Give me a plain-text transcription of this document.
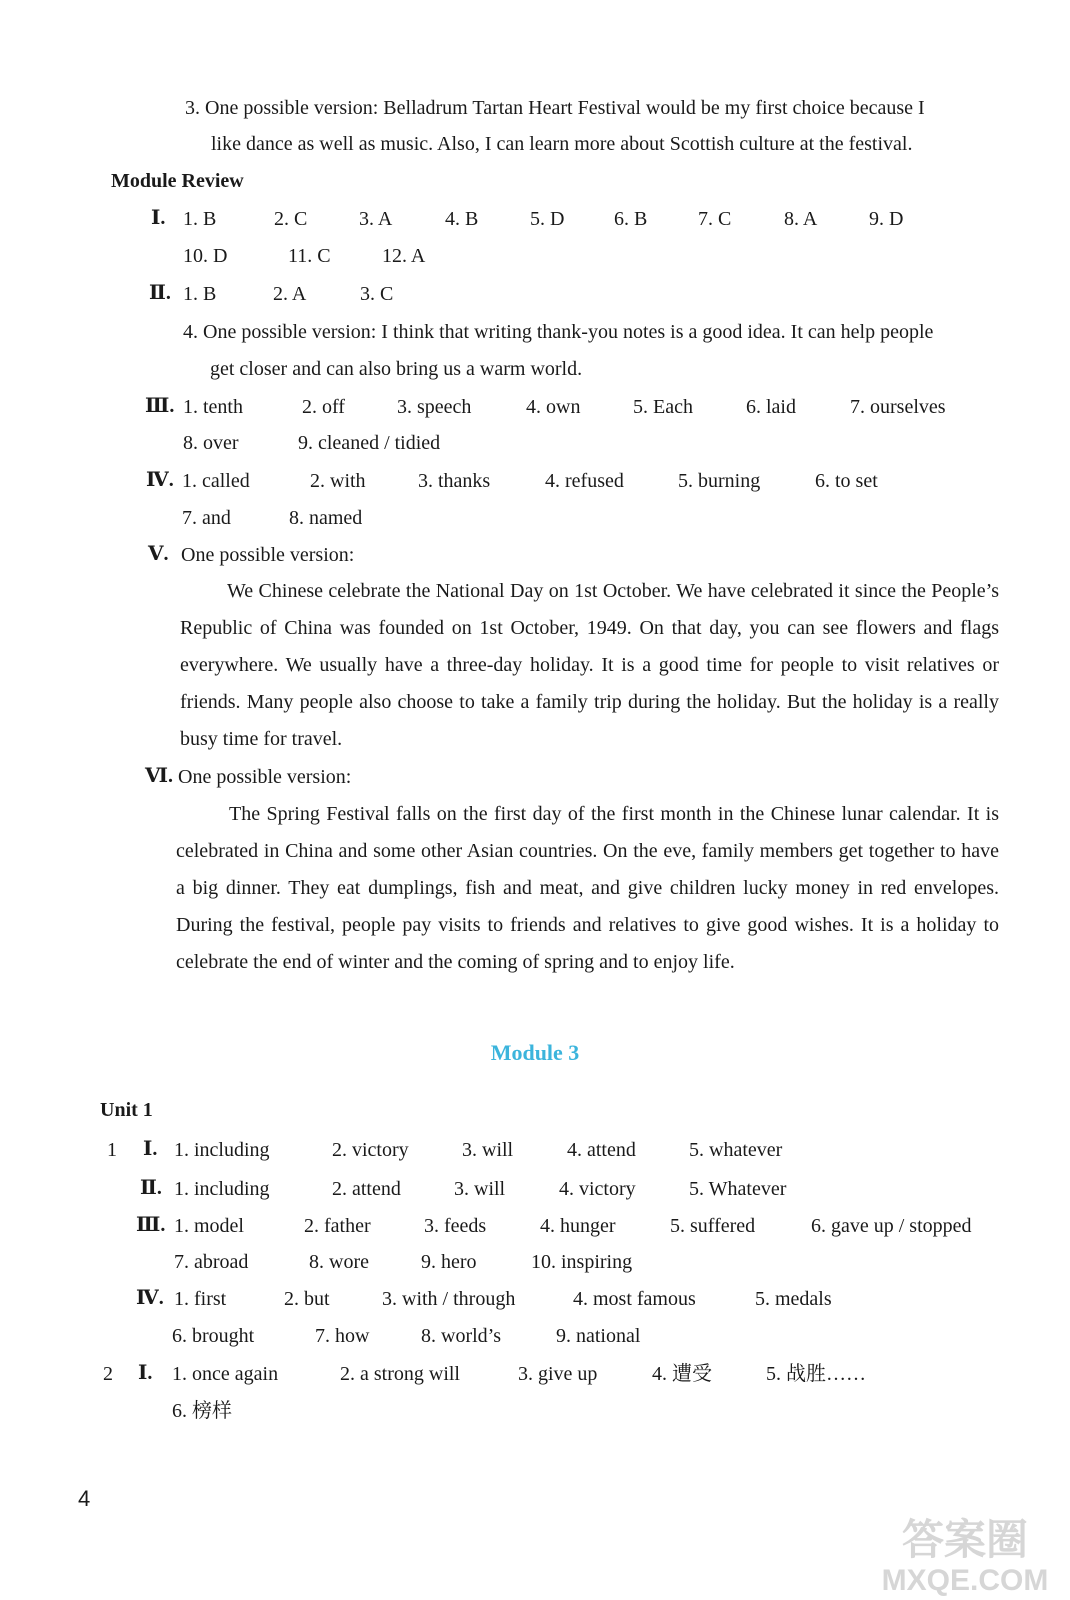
3. One possible version: Belladrum Tartan Heart Festival would be my first choice because I
like dance as well as music. Also, I can learn more about Scottish culture at the festival.
Module Review
Ⅰ. 1. B	2. C	3. A	4. B	5. D 6. B	7. C	8. A	9. D
10. D	11. C	12. A
Ⅱ. 1. B	2. A	3. C
4. One possible version: I think that writing thank-you notes is a good idea. It can help people
get closer and can also bring us a warm world.
Ⅲ. 1. tenth	2. off	3. speech	4. own	5. Each	6. laid	7. ourselves
8. over	9. cleaned / tidied
Ⅳ. 1. called	2. with	3. thanks	4. refused	5. burning	6. to set
7. and	8. named
Ⅴ. One possible version:
We Chinese celebrate the National Day on 1st October. We have celebrated it since the People’s Republic of China was founded on 1st October, 1949. On that day, you can see flowers and flags everywhere. We usually have a three-day holiday. It is a good time for people to visit relatives or friends. Many people also choose to take a family trip during the holiday. But the holiday is a really busy time for travel.
Ⅵ. One possible version:
The Spring Festival falls on the first day of the first month in the Chinese lunar calendar. It is celebrated in China and some other Asian countries. On the eve, family members get together to have a big dinner. They eat dumplings, fish and meat, and give children lucky money in red envelopes. During the festival, people pay visits to friends and relatives to give good wishes. It is a holiday to celebrate the end of winter and the coming of spring and to enjoy life.
Module 3
Unit 1
1 Ⅰ. 1. including	2. victory	3. will	4. attend	5. whatever
Ⅱ. 1. including	2. attend	3. will	4. victory	5. Whatever
Ⅲ. 1. model	2. father	3. feeds	4. hunger	5. suffered	6. gave up / stopped
7. abroad	8. wore	9. hero	10. inspiring
Ⅳ. 1. first	2. but	3. with / through	4. most famous	5. medals
6. brought	7. how	8. world’s	9. national
2 Ⅰ. 1. once again	2. a strong will	3. give up	4. 遭受	5. 战胜……
6. 榜样
4
答案圈
MXQE.COM
